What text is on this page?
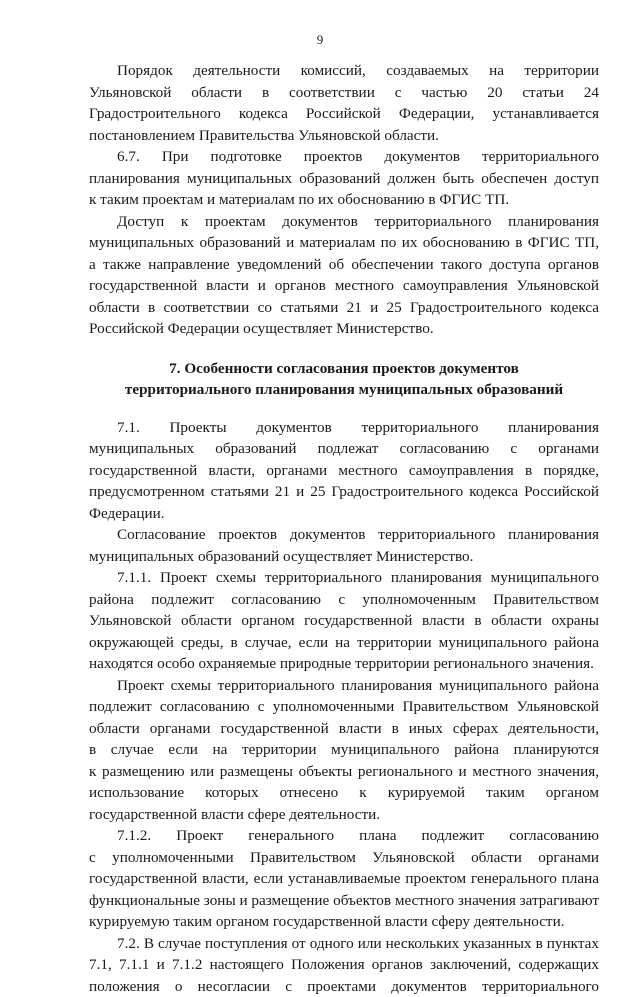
9
Порядок деятельности комиссий, создаваемых на территории
Ульяновской области в соответствии с частью 20 статьи 24
Градостроительного кодекса Российской Федерации, устанавливается
постановлением Правительства Ульяновской области.
6.7. При подготовке проектов документов территориального
планирования муниципальных образований должен быть обеспечен доступ
к таким проектам и материалам по их обоснованию в ФГИС ТП.
Доступ к проектам документов территориального планирования
муниципальных образований и материалам по их обоснованию в ФГИС ТП,
а также направление уведомлений об обеспечении такого доступа органов
государственной власти и органов местного самоуправления Ульяновской
области в соответствии со статьями 21 и 25 Градостроительного кодекса
Российской Федерации осуществляет Министерство.
7. Особенности согласования проектов документов
территориального планирования муниципальных образований
7.1. Проекты документов территориального планирования
муниципальных образований подлежат согласованию с органами
государственной власти, органами местного самоуправления в порядке,
предусмотренном статьями 21 и 25 Градостроительного кодекса Российской
Федерации.
Согласование проектов документов территориального планирования
муниципальных образований осуществляет Министерство.
7.1.1. Проект схемы территориального планирования муниципального
района подлежит согласованию с уполномоченным Правительством
Ульяновской области органом государственной власти в области охраны
окружающей среды, в случае, если на территории муниципального района
находятся особо охраняемые природные территории регионального значения.
Проект схемы территориального планирования муниципального района
подлежит согласованию с уполномоченными Правительством Ульяновской
области органами государственной власти в иных сферах деятельности,
в случае если на территории муниципального района планируются
к размещению или размещены объекты регионального и местного значения,
использование которых отнесено к курируемой таким органом
государственной власти сфере деятельности.
7.1.2. Проект генерального плана подлежит согласованию
с уполномоченными Правительством Ульяновской области органами
государственной власти, если устанавливаемые проектом генерального плана
функциональные зоны и размещение объектов местного значения затрагивают
курируемую таким органом государственной власти сферу деятельности.
7.2. В случае поступления от одного или нескольких указанных в пунктах
7.1, 7.1.1 и 7.1.2 настоящего Положения органов заключений, содержащих
положения о несогласии с проектами документов территориального
